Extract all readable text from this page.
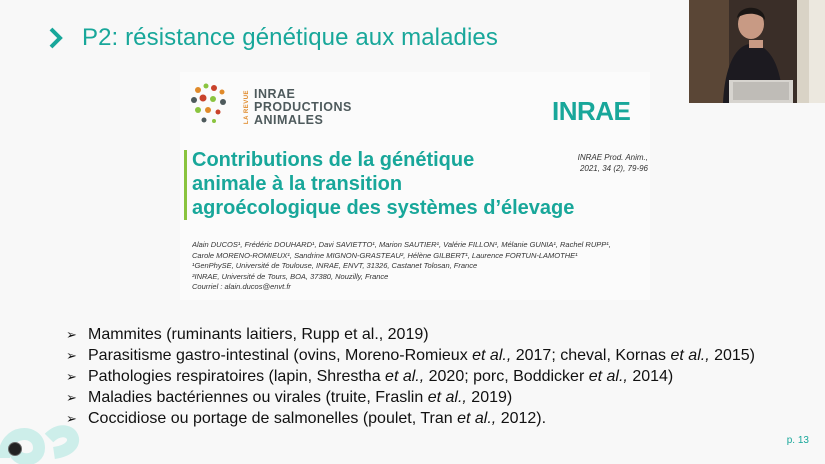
P2: résistance génétique aux maladies
LA REVUE INRAE
PRODUCTIONS
ANIMALES	INRAE
Contributions de la génétique
animale à la transition
agroécologique des systèmes d’élevage
INRAE Prod. Anim.,
2021, 34 (2), 79-96
Alain DUCOS¹, Frédéric DOUHARD¹, Davi SAVIETTO¹, Marion SAUTIER¹, Valérie FILLON¹, Mélanie GUNIA¹, Rachel RUPP¹,
Carole MORENO-ROMIEUX¹, Sandrine MIGNON-GRASTEAU², Hélène GILBERT¹, Laurence FORTUN-LAMOTHE¹
¹GenPhySE, Université de Toulouse, INRAE, ENVT, 31326, Castanet Tolosan, France
²INRAE, Université de Tours, BOA, 37380, Nouzilly, France
Courriel : alain.ducos@envt.fr
➢ Mammites (ruminants laitiers, Rupp et al., 2019)
➢ Parasitisme gastro-intestinal (ovins, Moreno-Romieux et al., 2017; cheval, Kornas et al., 2015)
➢ Pathologies respiratoires (lapin, Shrestha et al., 2020; porc, Boddicker et al., 2014)
➢ Maladies bactériennes ou virales (truite, Fraslin et al., 2019)
➢ Coccidiose ou portage de salmonelles (poulet, Tran et al., 2012).
p. 13
